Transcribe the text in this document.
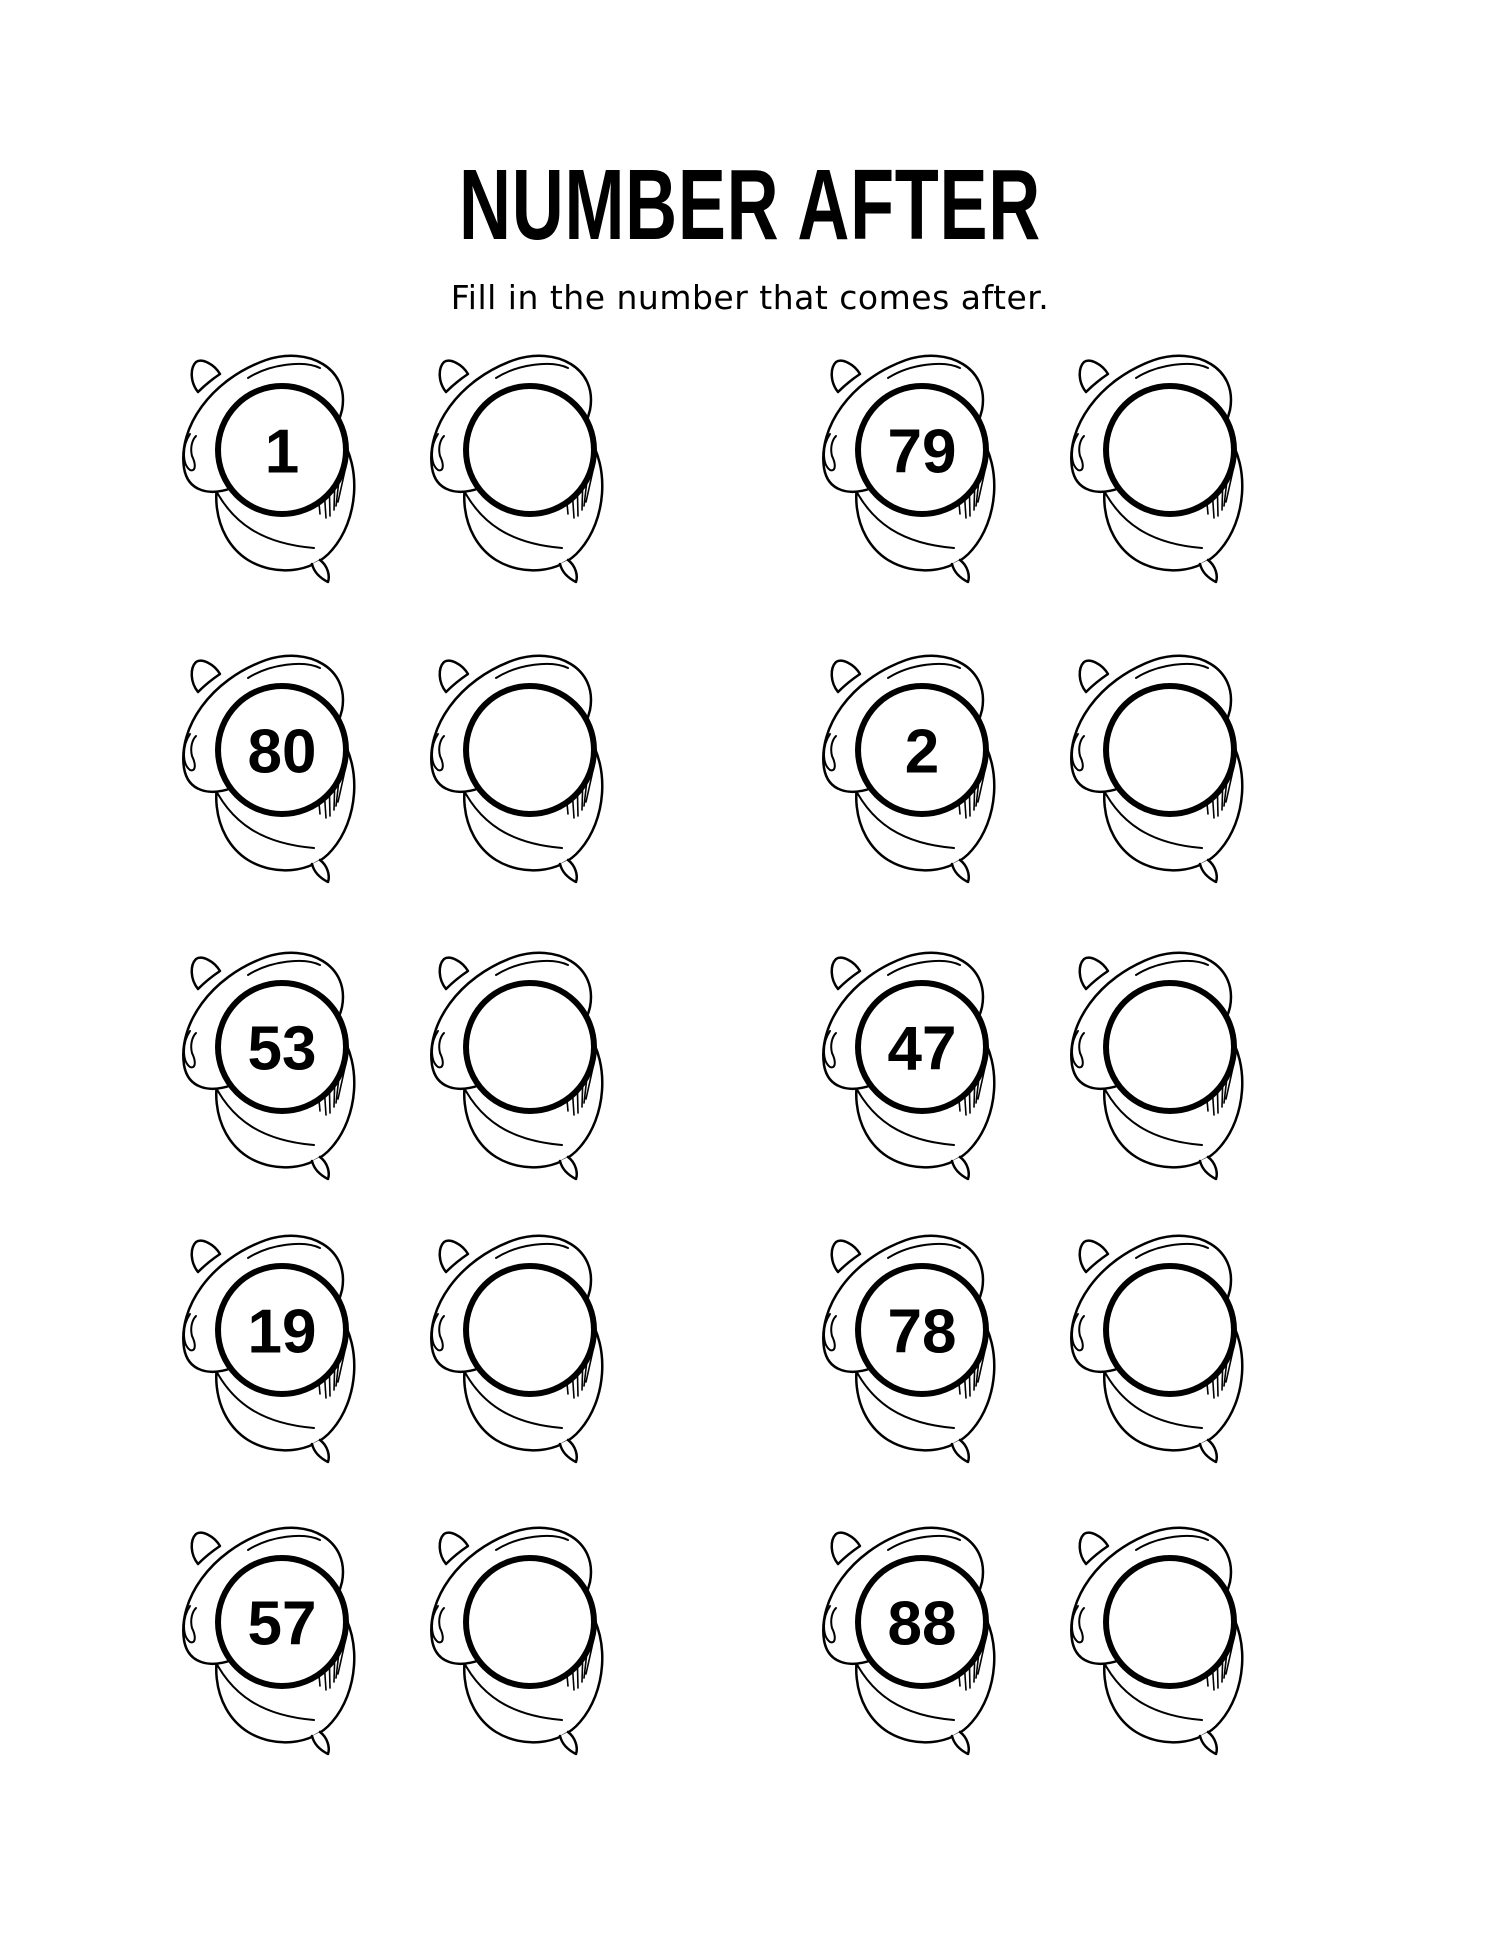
NUMBER AFTER
Fill in the number that comes after.
1	79
80	2
53	47
19	78
57	88
